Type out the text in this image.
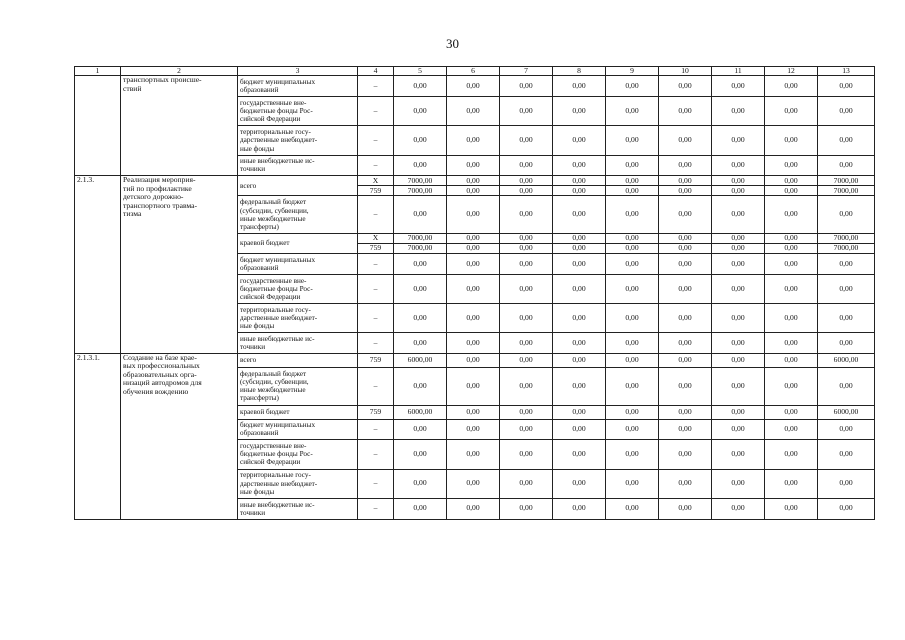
30
1	2	3	4	5	6	7	8	9	10	11	12	13
	транспортных происше-
ствий	бюджет муниципальных
образований	–	0,00	0,00	0,00	0,00	0,00	0,00	0,00	0,00	0,00
		государственные вне-
бюджетные фонды Рос-
сийской Федерации	–	0,00	0,00	0,00	0,00	0,00	0,00	0,00	0,00	0,00
		территориальные госу-
дарственные внебюджет-
ные фонды	–	0,00	0,00	0,00	0,00	0,00	0,00	0,00	0,00	0,00
		иные внебюджетные ис-
точники	–	0,00	0,00	0,00	0,00	0,00	0,00	0,00	0,00	0,00
2.1.3.	Реализация мероприя-
тий по профилактике
детского дорожно-
транспортного травма-
тизма	всего	X	7000,00	0,00	0,00	0,00	0,00	0,00	0,00	0,00	7000,00
			759	7000,00	0,00	0,00	0,00	0,00	0,00	0,00	0,00	7000,00
		федеральный бюджет
(субсидии, субвенции,
иные межбюджетные
трансферты)	–	0,00	0,00	0,00	0,00	0,00	0,00	0,00	0,00	0,00
		краевой бюджет	X	7000,00	0,00	0,00	0,00	0,00	0,00	0,00	0,00	7000,00
			759	7000,00	0,00	0,00	0,00	0,00	0,00	0,00	0,00	7000,00
		бюджет муниципальных
образований	–	0,00	0,00	0,00	0,00	0,00	0,00	0,00	0,00	0,00
		государственные вне-
бюджетные фонды Рос-
сийской Федерации	–	0,00	0,00	0,00	0,00	0,00	0,00	0,00	0,00	0,00
		территориальные госу-
дарственные внебюджет-
ные фонды	–	0,00	0,00	0,00	0,00	0,00	0,00	0,00	0,00	0,00
		иные внебюджетные ис-
точники	–	0,00	0,00	0,00	0,00	0,00	0,00	0,00	0,00	0,00
2.1.3.1.	Создание на базе крае-
вых профессиональных
образовательных орга-
низаций автодромов для
обучения вождению	всего	759	6000,00	0,00	0,00	0,00	0,00	0,00	0,00	0,00	6000,00
		федеральный бюджет
(субсидии, субвенции,
иные межбюджетные
трансферты)	–	0,00	0,00	0,00	0,00	0,00	0,00	0,00	0,00	0,00
		краевой бюджет	759	6000,00	0,00	0,00	0,00	0,00	0,00	0,00	0,00	6000,00
		бюджет муниципальных
образований	–	0,00	0,00	0,00	0,00	0,00	0,00	0,00	0,00	0,00
		государственные вне-
бюджетные фонды Рос-
сийской Федерации	–	0,00	0,00	0,00	0,00	0,00	0,00	0,00	0,00	0,00
		территориальные госу-
дарственные внебюджет-
ные фонды	–	0,00	0,00	0,00	0,00	0,00	0,00	0,00	0,00	0,00
		иные внебюджетные ис-
точники	–	0,00	0,00	0,00	0,00	0,00	0,00	0,00	0,00	0,00
